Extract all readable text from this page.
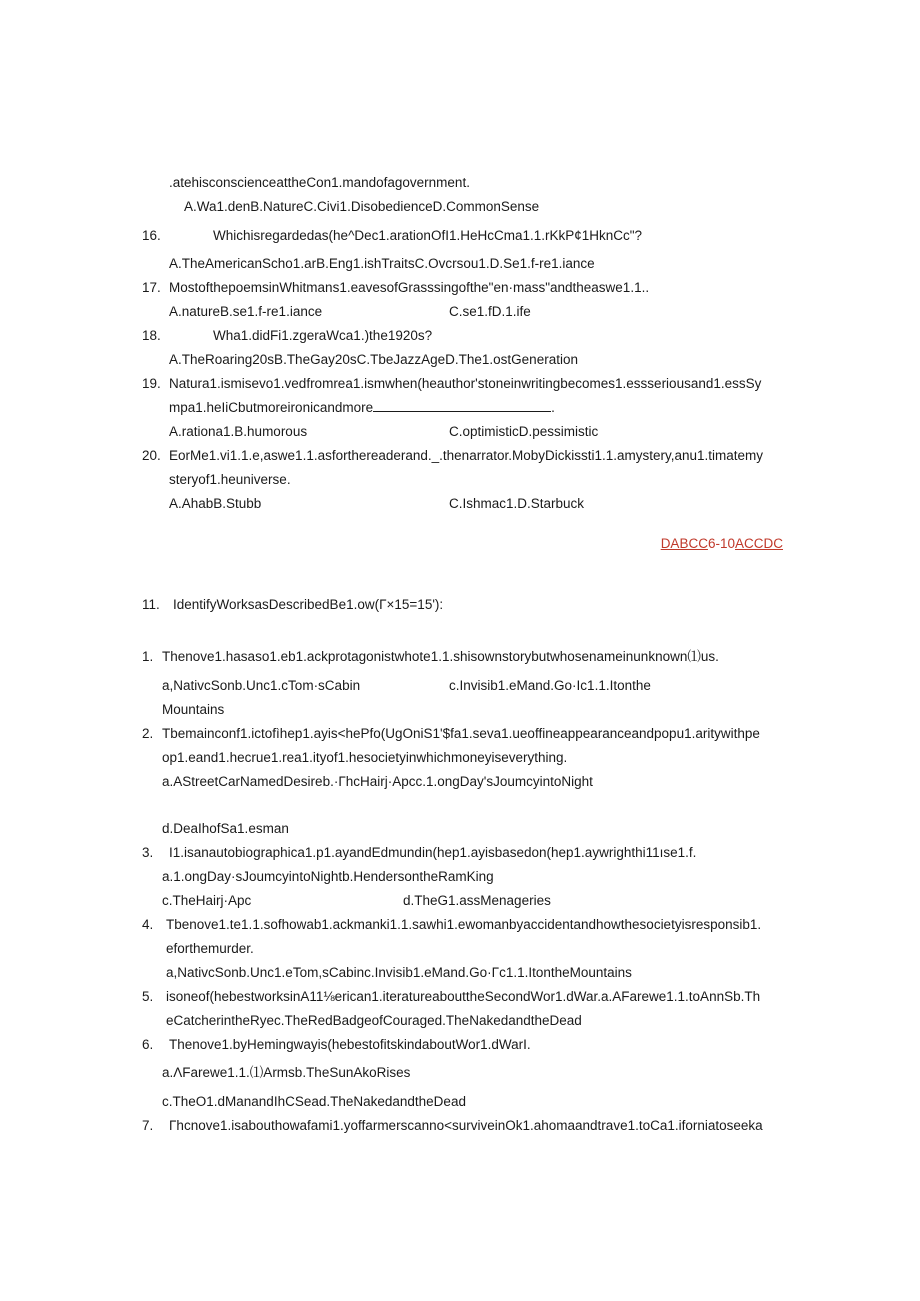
.atehisconscienceattheCon1.mandofagovernment.
A.Wa1.denB.NatureC.Civi1.DisobedienceD.CommonSense
16.	Whichisregardedas(he^Dec1.arationOfI1.HeHcCma1.1.rKkP¢1HknCc"?
A.TheAmericanScho1.arB.Eng1.ishTraitsC.Ovcrsou1.D.Se1.f-re1.iance
17. MostofthepoemsinWhitmans1.eavesofGrasssingofthe"en·mass"andtheaswe1.1..
A.natureB.se1.f-re1.iance	C.se1.fD.1.ife
18.	Wha1.didFi1.zgeraWca1.)the1920s?
A.TheRoaring20sB.TheGay20sC.TbeJazzAgeD.The1.ostGeneration
19. Natura1.ismisevo1.vedfromrea1.ismwhen(heauthor'stoneinwritingbecomes1.essseriousand1.essSy
mpa1.heIiCbutmoreironicandmore	.
A.rationa1.B.humorous	C.optimisticD.pessimistic
20. EorMe1.vi1.1.e,aswe1.1.asforthereaderand._.thenarrator.MobyDickissti1.1.amystery,anu1.timatemy
steryof1.heuniverse.
A.AhabB.Stubb	C.Ishmac1.D.Starbuck
DABCC6-10ACCDC
11. IdentifyWorksasDescribedBe1.ow(Γ×15=15'):
1. Thenove1.hasaso1.eb1.ackprotagonistwhote1.1.shisownstorybutwhosenameinunknown⑴us.
a,NativcSonb.Unc1.cTom·sCabin	c.Invisib1.eMand.Go·Ic1.1.Itonthe
Mountains
2. Tbemainconf1.ictofìhep1.ayis<hePfo(UgOniS1'$fa1.seva1.ueoffineappearanceandpopu1.aritywithpe
op1.eand1.hecrue1.rea1.ityof1.hesocietyinwhichmoneyiseverything.
a.AStreetCarNamedDesireb.·ΓhcHairj·Apcc.1.ongDay'sJoumcyintoNight
d.DeaIhofSa1.esman
3. I1.isanautobiographica1.p1.ayandEdmundin(hep1.ayisbasedon(hep1.aywrighthi11ıse1.f.
a.1.ongDay·sJoumcyintoNightb.HendersontheRamKing
c.TheHairj·Apc	d.TheG1.assMenageries
4. Tbenove1.te1.1.sofhowab1.ackmanki1.1.sawhi1.ewomanbyaccidentandhowthesocietyisresponsib1.
eforthemurder.
a,NativcSonb.Unc1.eTom,sCabinc.Invisib1.eMand.Go·Γc1.1.ItontheMountains
5. isoneof(hebestworksinA11⅛erican1.iteratureabouttheSecondWor1.dWar.a.AFarewe1.1.toAnnSb.Th
eCatcherintheRyec.TheRedBadgeofCouraged.TheNakedandtheDead
6. Thenove1.byHemingwayis(hebestofitskindaboutWor1.dWarI.
a.ΛFarewe1.1.⑴Armsb.TheSunAkoRises
c.TheO1.dManandIhCSead.TheNakedandtheDead
7. Γhcnove1.isabouthowafami1.yoffarmerscanno<surviveinOk1.ahomaandtrave1.toCa1.iforniatoseeka
